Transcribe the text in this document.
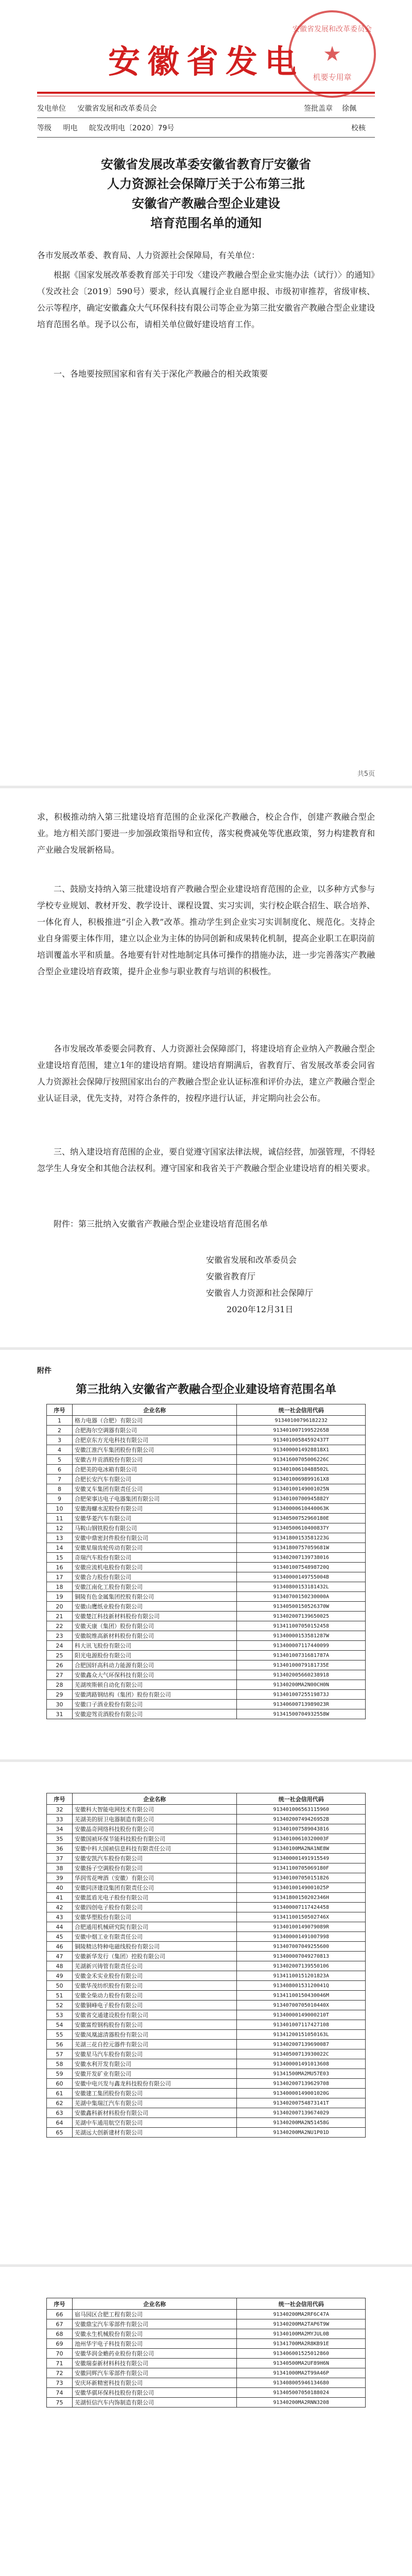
安徽省发电
安徽省发展和改革委员会
★
机要专用章
发电单位 安徽省发展和改革委员会	签批盖章 徐佩
等级 明电 皖发改明电〔2020〕79号	校核
安徽省发展改革委安徽省教育厅安徽省
人力资源社会保障厅关于公布第三批
安徽省产教融合型企业建设
培育范围名单的通知
各市发展改革委、教育局、人力资源社会保障局，有关单位：
根据《国家发展改革委教育部关于印发〈建设产教融合型企业实施办法（试行）〉的通知》（发改社会〔2019〕590号）要求，经认真履行企业自愿申报、市级初审推荐，省级审核、公示等程序，确定安徽鑫众大气环保科技有限公司等企业为第三批安徽省产教融合型企业建设培育范围名单。现予以公布，请相关单位做好建设培育工作。
一、各地要按照国家和省有关于深化产教融合的相关政策要
共5页
求，积极推动纳入第三批建设培育范围的企业深化产教融合，校企合作，创建产教融合型企业。地方相关部门要进一步加强政策指导和宣传，落实税费减免等优惠政策，努力构建教育和产业融合发展新格局。
二、鼓励支持纳入第三批建设培育产教融合型企业建设培育范围的企业，以多种方式参与学校专业规划、教材开发、教学设计、课程设置、实习实训，实行校企联合招生、联合培养、一体化育人，积极推进“引企入教”改革。推动学生到企业实习实训制度化、规范化。支持企业自身需要主体作用，建立以企业为主体的协同创新和成果转化机制，提高企业职工在职岗前培训覆盖水平和质量。各地要有针对性地制定具体可操作的措施办法，进一步完善落实产教融合型企业建设培育政策，提升企业参与职业教育与培训的积极性。
各市发展改革委要会同教育、人力资源社会保障部门，将建设培育企业纳入产教融合型企业建设培育范围，建立1年的建设培育期。建设培育期满后，省教育厅、省发展改革委会同省人力资源社会保障厅按照国家出台的产教融合型企业认证标准和评价办法，建立产教融合型企业认证目录，优先支持，对符合条件的，按程序进行认证，并定期向社会公布。
三、纳入建设培育范围的企业，要自觉遵守国家法律法规，诚信经营，加强管理，不得轻忽学生人身安全和其他合法权利。遵守国家和我省关于产教融合型企业建设培育的相关要求。
附件：第三批纳入安徽省产教融合型企业建设培育范围名单
安徽省发展和改革委员会
安徽省教育厅
安徽省人力资源和社会保障厅
2020年12月31日
附件
第三批纳入安徽省产教融合型企业建设培育范围名单
序号	企业名称	统一社会信用代码
1	格力电器（合肥）有限公司	91340100796182232
2	合肥海尔空调器有限公司	91340100719952265B
3	合肥京东方光电科技有限公司	91340100584592437T
4	安徽江淮汽车集团股份有限公司	9134000014928818X1
5	安徽古井贡酒股份有限公司	91341600705006226C
6	合肥美的电冰箱有限公司	91340100610488502L
7	合肥长安汽车有限公司	9134010069899161X8
8	安徽叉车集团有限责任公司	91340100149001025N
9	合肥荣事达电子电器集团有限公司	91340100700945882Y
10	安徽海螺水泥股份有限公司	91340000610440063K
11	安徽华菱汽车有限公司	91340500752960180E
12	马鞍山钢铁股份有限公司	91340500610400837Y
13	安徽中鼎密封件股份有限公司	91341800153581223G
14	安徽星瑞齿轮传动有限公司	91341800757059681W
15	奇瑞汽车股份有限公司	913402007139738016
16	安徽应流机电股份有限公司	91340100754898720Q
17	安徽合力股份有限公司	91340000149755004B
18	安徽江南化工股份有限公司	91340800153181432L
19	铜陵有色金属集团控股有限公司	91340700150230000A
20	安徽山鹰纸业股份有限公司	91340500150526370W
21	安徽楚江科技新材料股份有限公司	913402007139650025
22	安徽天康（集团）股份有限公司	913411007050152458
23	安徽皖维高新材料股份有限公司	91340000153581287W
24	科大讯飞股份有限公司	913400007117440099
25	阳光电源股份有限公司	91340100731681787A
26	合肥国轩高科动力能源有限公司	91340100079181735E
27	安徽鑫众大气环保科技有限公司	913402005660238918
28	芜湖埃斯顿自动化有限公司	91340200MA2N00CH0N
29	安徽鸿路钢结构（集团）股份有限公司	91340100725519873J
30	安徽口子酒业股份有限公司	91340600713989023R
31	安徽迎驾贡酒股份有限公司	91341500704932558W
序号	企业名称	统一社会信用代码
32	安徽科大智能电网技术有限公司	913401006563115960
33	芜湖美的厨卫电器制造有限公司	91340200749426952B
34	安徽晶奇网络科技股份有限公司	913401007589043816
35	安徽国祯环保节能科技股份有限公司	91340100610320003F
36	安徽中科大国祯信息科技有限责任公司	91340100MA2NA1NE8W
37	安徽安凯汽车股份有限公司	913400001491915549
38	安徽扬子空调股份有限公司	91341100705069180F
39	华润雪花啤酒（安徽）有限公司	913401007050151826
40	安徽同济建设集团有限责任公司	91340100149001025P
41	安徽蓝盾光电子股份有限公司	91341800150202346H
42	安徽四创电子股份有限公司	913400007117424458
43	安徽华塑股份有限公司	91341100150502746X
44	合肥通用机械研究院有限公司	91340100149079089R
45	安徽中烟工业有限责任公司	913400001491007998
46	铜陵精达特种电磁线股份有限公司	913407007049255600
47	安徽新华发行（集团）控股有限公司	913400007049270813
48	芜湖新兴铸管有限责任公司	913402007139550106
49	安徽金禾实业股份有限公司	91341100151201823A
50	安徽华茂纺织股份有限公司	91340800153120041Q
51	安徽全柴动力股份有限公司	91341100150430046M
52	安徽铜峰电子股份有限公司	91340700705010440X
53	安徽省交通建设股份有限公司	91340000149000210T
54	安徽富煌钢构股份有限公司	913401007117427108
55	安徽凤凰滤清器股份有限公司	91341200151050163L
56	芜湖三花自控元器件有限公司	913402007139690087
57	安徽星马汽车股份有限公司	91340500713930022C
58	安徽水利开发有限公司	913400001491013608
59	安徽开发矿业有限公司	91341500MA2MU57E03
60	安徽中电兴发与鑫龙科技股份有限公司	913402007139629708
61	安徽建工集团股份有限公司	91340000149001020G
62	芜湖中集瑞江汽车有限公司	91340200754873141T
63	安徽鑫科新材料股份有限公司	913402007139674029
64	芜湖中车通用航空有限公司	91340200MA2N51458G
65	芜湖远大创新建材有限公司	91340200MA2NU1P01D
序号	企业名称	统一社会信用代码
66	宿马园区合肥工程有限公司	91340200MA2RF6C47A
67	安徽鼎宝汽车零部件有限公司	91340200MA2TAP6T9W
68	安徽永生机械股份有限公司	91340100MA2MYJUL0B
69	池州华宇电子科技有限公司	91341700MA2R8KB91E
70	安徽华润金蟾药业股份有限公司	913406001525012860
71	安徽瑞泰新材料科技有限公司	91340500MA2UF89H6N
72	安徽同辉汽车零部件有限公司	91341000MA2T99A46P
73	安庆环新精密科技有限公司	913408005946134680
74	安徽华骐环保科技股份有限公司	913405007050188024
75	芜湖恒信汽车内饰制造有限公司	91340200MA2RNN3208
